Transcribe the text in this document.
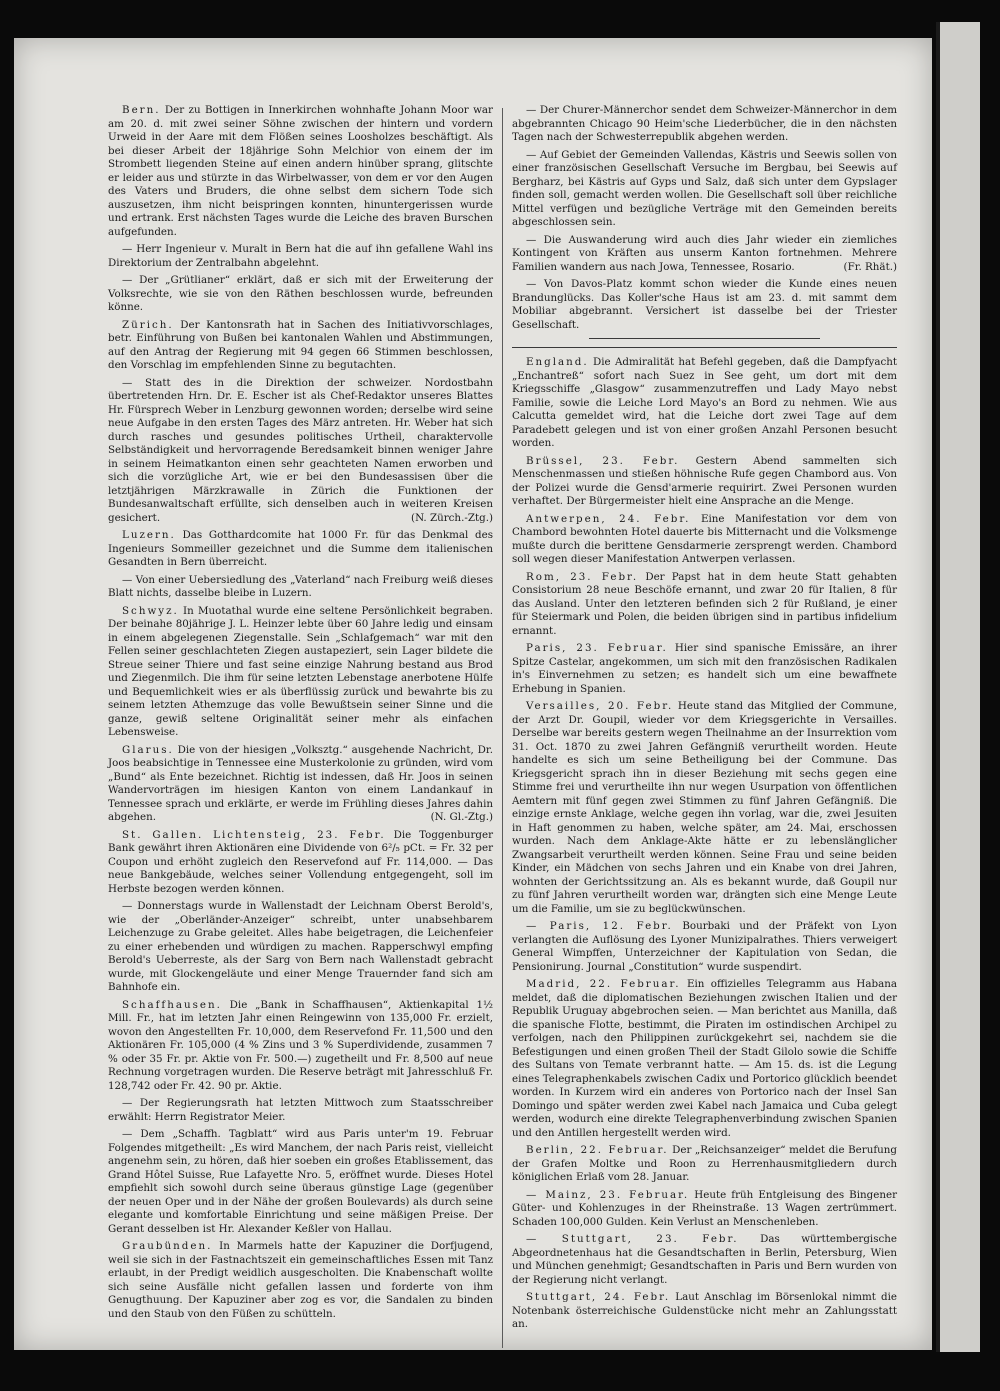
Bern. Der zu Bottigen in Innerkirchen wohnhafte Johann Moor war am 20. d. mit zwei seiner Söhne zwischen der hintern und vordern Urweid in der Aare mit dem Flößen seines Loosholzes beschäftigt. Als bei dieser Arbeit der 18jährige Sohn Melchior von einem der im Strombett liegenden Steine auf einen andern hinüber sprang, glitschte er leider aus und stürzte in das Wirbelwasser, von dem er vor den Augen des Vaters und Bruders, die ohne selbst dem sichern Tode sich auszusetzen, ihm nicht beispringen konnten, hinuntergerissen wurde und ertrank. Erst nächsten Tages wurde die Leiche des braven Burschen aufgefunden.

— Herr Ingenieur v. Muralt in Bern hat die auf ihn gefallene Wahl ins Direktorium der Zentralbahn abgelehnt.

— Der „Grütlianer“ erklärt, daß er sich mit der Erweiterung der Volksrechte, wie sie von den Räthen beschlossen wurde, befreunden könne.

Zürich. Der Kantonsrath hat in Sachen des Initiativvorschlages, betr. Einführung von Bußen bei kantonalen Wahlen und Abstimmungen, auf den Antrag der Regierung mit 94 gegen 66 Stimmen beschlossen, den Vorschlag im empfehlenden Sinne zu begutachten.

— Statt des in die Direktion der schweizer. Nordostbahn übertretenden Hrn. Dr. E. Escher ist als Chef-Redaktor unseres Blattes Hr. Fürsprech Weber in Lenzburg gewonnen worden; derselbe wird seine neue Aufgabe in den ersten Tages des März antreten. Hr. Weber hat sich durch rasches und gesundes politisches Urtheil, charaktervolle Selbständigkeit und hervorragende Beredsamkeit binnen weniger Jahre in seinem Heimatkanton einen sehr geachteten Namen erworben und sich die vorzügliche Art, wie er bei den Bundesassisen über die letztjährigen Märzkrawalle in Zürich die Funktionen der Bundesanwaltschaft erfüllte, sich denselben auch in weiteren Kreisen gesichert.	(N. Zürch.-Ztg.)

Luzern. Das Gotthardcomite hat 1000 Fr. für das Denkmal des Ingenieurs Sommeiller gezeichnet und die Summe dem italienischen Gesandten in Bern überreicht.

— Von einer Uebersiedlung des „Vaterland“ nach Freiburg weiß dieses Blatt nichts, dasselbe bleibe in Luzern.

Schwyz. In Muotathal wurde eine seltene Persönlichkeit begraben. Der beinahe 80jährige J. L. Heinzer lebte über 60 Jahre ledig und einsam in einem abgelegenen Ziegenstalle. Sein „Schlafgemach“ war mit den Fellen seiner geschlachteten Ziegen austapeziert, sein Lager bildete die Streue seiner Thiere und fast seine einzige Nahrung bestand aus Brod und Ziegenmilch. Die ihm für seine letzten Lebenstage anerbotene Hülfe und Bequemlichkeit wies er als überflüssig zurück und bewahrte bis zu seinem letzten Athemzuge das volle Bewußtsein seiner Sinne und die ganze, gewiß seltene Originalität seiner mehr als einfachen Lebensweise.

Glarus. Die von der hiesigen „Volksztg.“ ausgehende Nachricht, Dr. Joos beabsichtige in Tennessee eine Musterkolonie zu gründen, wird vom „Bund“ als Ente bezeichnet. Richtig ist indessen, daß Hr. Joos in seinen Wandervorträgen im hiesigen Kanton von einem Landankauf in Tennessee sprach und erklärte, er werde im Frühling dieses Jahres dahin abgehen.	(N. Gl.-Ztg.)

St. Gallen. Lichtensteig, 23. Febr. Die Toggenburger Bank gewährt ihren Aktionären eine Dividende von 6²/₅ pCt. = Fr. 32 per Coupon und erhöht zugleich den Reservefond auf Fr. 114,000. — Das neue Bankgebäude, welches seiner Vollendung entgegengeht, soll im Herbste bezogen werden können.

— Donnerstags wurde in Wallenstadt der Leichnam Oberst Berold's, wie der „Oberländer-Anzeiger“ schreibt, unter unabsehbarem Leichenzuge zu Grabe geleitet. Alles habe beigetragen, die Leichenfeier zu einer erhebenden und würdigen zu machen. Rapperschwyl empfing Berold's Ueberreste, als der Sarg von Bern nach Wallenstadt gebracht wurde, mit Glockengeläute und einer Menge Trauernder fand sich am Bahnhofe ein.

Schaffhausen. Die „Bank in Schaffhausen“, Aktienkapital 1½ Mill. Fr., hat im letzten Jahr einen Reingewinn von 135,000 Fr. erzielt, wovon den Angestellten Fr. 10,000, dem Reservefond Fr. 11,500 und den Aktionären Fr. 105,000 (4 % Zins und 3 % Superdividende, zusammen 7 % oder 35 Fr. pr. Aktie von Fr. 500.—) zugetheilt und Fr. 8,500 auf neue Rechnung vorgetragen wurden. Die Reserve beträgt mit Jahresschluß Fr. 128,742 oder Fr. 42. 90 pr. Aktie.

— Der Regierungsrath hat letzten Mittwoch zum Staatsschreiber erwählt: Herrn Registrator Meier.

— Dem „Schaffh. Tagblatt“ wird aus Paris unter'm 19. Februar Folgendes mitgetheilt: „Es wird Manchem, der nach Paris reist, vielleicht angenehm sein, zu hören, daß hier soeben ein großes Etablissement, das Grand Hôtel Suisse, Rue Lafayette Nro. 5, eröffnet wurde. Dieses Hotel empfiehlt sich sowohl durch seine überaus günstige Lage (gegenüber der neuen Oper und in der Nähe der großen Boulevards) als durch seine elegante und komfortable Einrichtung und seine mäßigen Preise. Der Gerant desselben ist Hr. Alexander Keßler von Hallau.

Graubünden. In Marmels hatte der Kapuziner die Dorfjugend, weil sie sich in der Fastnachtszeit ein gemeinschaftliches Essen mit Tanz erlaubt, in der Predigt weidlich ausgescholten. Die Knabenschaft wollte sich seine Ausfälle nicht gefallen lassen und forderte von ihm Genugthuung. Der Kapuziner aber zog es vor, die Sandalen zu binden und den Staub von den Füßen zu schütteln.

— Der Churer-Männerchor sendet dem Schweizer-Männerchor in dem abgebrannten Chicago 90 Heim'sche Liederbücher, die in den nächsten Tagen nach der Schwesterrepublik abgehen werden.

— Auf Gebiet der Gemeinden Vallendas, Kästris und Seewis sollen von einer französischen Gesellschaft Versuche im Bergbau, bei Seewis auf Bergharz, bei Kästris auf Gyps und Salz, daß sich unter dem Gypslager finden soll, gemacht werden wollen. Die Gesellschaft soll über reichliche Mittel verfügen und bezügliche Verträge mit den Gemeinden bereits abgeschlossen sein.

— Die Auswanderung wird auch dies Jahr wieder ein ziemliches Kontingent von Kräften aus unserm Kanton fortnehmen. Mehrere Familien wandern aus nach Jowa, Tennessee, Rosario.	(Fr. Rhät.)

— Von Davos-Platz kommt schon wieder die Kunde eines neuen Brandunglücks. Das Koller'sche Haus ist am 23. d. mit sammt dem Mobiliar abgebrannt. Versichert ist dasselbe bei der Triester Gesellschaft.

England. Die Admiralität hat Befehl gegeben, daß die Dampfyacht „Enchantreß“ sofort nach Suez in See geht, um dort mit dem Kriegsschiffe „Glasgow“ zusammenzutreffen und Lady Mayo nebst Familie, sowie die Leiche Lord Mayo's an Bord zu nehmen. Wie aus Calcutta gemeldet wird, hat die Leiche dort zwei Tage auf dem Paradebett gelegen und ist von einer großen Anzahl Personen besucht worden.

Brüssel, 23. Febr. Gestern Abend sammelten sich Menschenmassen und stießen höhnische Rufe gegen Chambord aus. Von der Polizei wurde die Gensd'armerie requirirt. Zwei Personen wurden verhaftet. Der Bürgermeister hielt eine Ansprache an die Menge.

Antwerpen, 24. Febr. Eine Manifestation vor dem von Chambord bewohnten Hotel dauerte bis Mitternacht und die Volksmenge mußte durch die berittene Gensdarmerie zersprengt werden. Chambord soll wegen dieser Manifestation Antwerpen verlassen.

Rom, 23. Febr. Der Papst hat in dem heute Statt gehabten Consistorium 28 neue Beschöfe ernannt, und zwar 20 für Italien, 8 für das Ausland. Unter den letzteren befinden sich 2 für Rußland, je einer für Steiermark und Polen, die beiden übrigen sind in partibus infidelium ernannt.

Paris, 23. Februar. Hier sind spanische Emissäre, an ihrer Spitze Castelar, angekommen, um sich mit den französischen Radikalen in's Einvernehmen zu setzen; es handelt sich um eine bewaffnete Erhebung in Spanien.

Versailles, 20. Febr. Heute stand das Mitglied der Commune, der Arzt Dr. Goupil, wieder vor dem Kriegsgerichte in Versailles. Derselbe war bereits gestern wegen Theilnahme an der Insurrektion vom 31. Oct. 1870 zu zwei Jahren Gefängniß verurtheilt worden. Heute handelte es sich um seine Betheiligung bei der Commune. Das Kriegsgericht sprach ihn in dieser Beziehung mit sechs gegen eine Stimme frei und verurtheilte ihn nur wegen Usurpation von öffentlichen Aemtern mit fünf gegen zwei Stimmen zu fünf Jahren Gefängniß. Die einzige ernste Anklage, welche gegen ihn vorlag, war die, zwei Jesuiten in Haft genommen zu haben, welche später, am 24. Mai, erschossen wurden. Nach dem Anklage-Akte hätte er zu lebenslänglicher Zwangsarbeit verurtheilt werden können. Seine Frau und seine beiden Kinder, ein Mädchen von sechs Jahren und ein Knabe von drei Jahren, wohnten der Gerichtssitzung an. Als es bekannt wurde, daß Goupil nur zu fünf Jahren verurtheilt worden war, drängten sich eine Menge Leute um die Familie, um sie zu beglückwünschen.

— Paris, 12. Febr. Bourbaki und der Präfekt von Lyon verlangten die Auflösung des Lyoner Munizipalrathes. Thiers verweigert General Wimpffen, Unterzeichner der Kapitulation von Sedan, die Pensionirung. Journal „Constitution“ wurde suspendirt.

Madrid, 22. Februar. Ein offizielles Telegramm aus Habana meldet, daß die diplomatischen Beziehungen zwischen Italien und der Republik Uruguay abgebrochen seien. — Man berichtet aus Manilla, daß die spanische Flotte, bestimmt, die Piraten im ostindischen Archipel zu verfolgen, nach den Philippinen zurückgekehrt sei, nachdem sie die Befestigungen und einen großen Theil der Stadt Gilolo sowie die Schiffe des Sultans von Temate verbrannt hatte. — Am 15. ds. ist die Legung eines Telegraphenkabels zwischen Cadix und Portorico glücklich beendet worden. In Kurzem wird ein anderes von Portorico nach der Insel San Domingo und später werden zwei Kabel nach Jamaica und Cuba gelegt werden, wodurch eine direkte Telegraphenverbindung zwischen Spanien und den Antillen hergestellt werden wird.

Berlin, 22. Februar. Der „Reichsanzeiger“ meldet die Berufung der Grafen Moltke und Roon zu Herrenhausmitgliedern durch königlichen Erlaß vom 28. Januar.

— Mainz, 23. Februar. Heute früh Entgleisung des Bingener Güter- und Kohlenzuges in der Rheinstraße. 13 Wagen zertrümmert. Schaden 100,000 Gulden. Kein Verlust an Menschenleben.

— Stuttgart, 23. Febr. Das württembergische Abgeordnetenhaus hat die Gesandtschaften in Berlin, Petersburg, Wien und München genehmigt; Gesandtschaften in Paris und Bern wurden von der Regierung nicht verlangt.

Stuttgart, 24. Febr. Laut Anschlag im Börsenlokal nimmt die Notenbank österreichische Guldenstücke nicht mehr an Zahlungsstatt an.
